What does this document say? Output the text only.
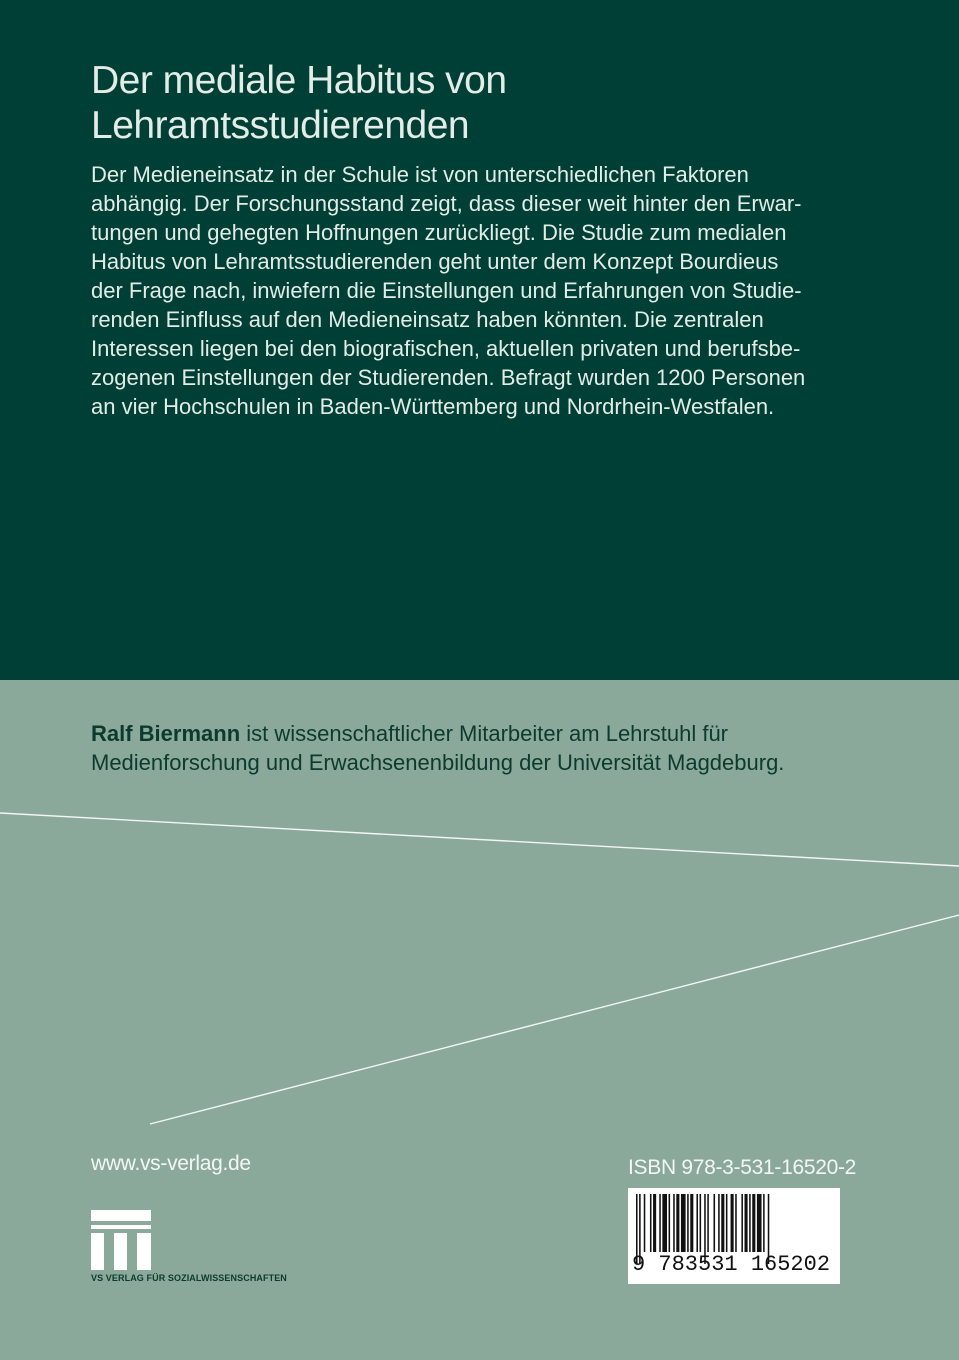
Der mediale Habitus von
Lehramtsstudierenden

Der Medieneinsatz in der Schule ist von unterschiedlichen Faktoren
abhängig. Der Forschungsstand zeigt, dass dieser weit hinter den Erwar-
tungen und gehegten Hoffnungen zurückliegt. Die Studie zum medialen
Habitus von Lehramtsstudierenden geht unter dem Konzept Bourdieus
der Frage nach, inwiefern die Einstellungen und Erfahrungen von Studie-
renden Einfluss auf den Medieneinsatz haben könnten. Die zentralen
Interessen liegen bei den biografischen, aktuellen privaten und berufsbe-
zogenen Einstellungen der Studierenden. Befragt wurden 1200 Personen
an vier Hochschulen in Baden-Württemberg und Nordrhein-Westfalen.

Ralf Biermann ist wissenschaftlicher Mitarbeiter am Lehrstuhl für
Medienforschung und Erwachsenenbildung der Universität Magdeburg.

www.vs-verlag.de
VS VERLAG FÜR SOZIALWISSENSCHAFTEN
ISBN 978-3-531-16520-2
9 783531 165202
